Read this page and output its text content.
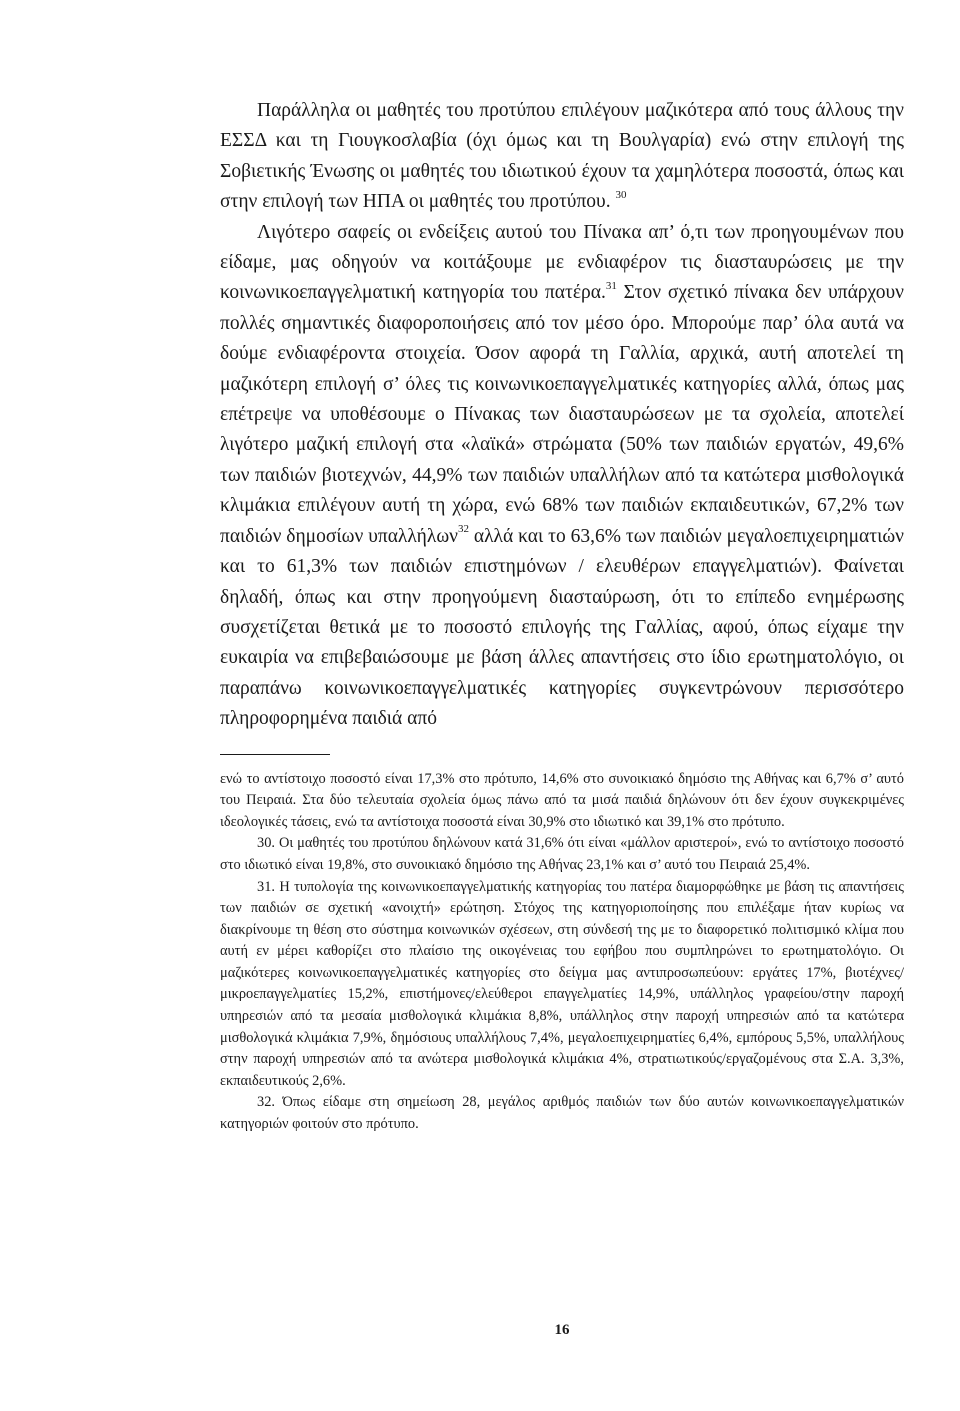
Παράλληλα οι μαθητές του προτύπου επιλέγουν μαζικότερα από τους άλλους την ΕΣΣΔ και τη Γιουγκοσλαβία (όχι όμως και τη Βουλγαρία) ενώ στην επιλογή της Σοβιετικής Ένωσης οι μαθητές του ιδιωτικού έχουν τα χαμηλότερα ποσοστά, όπως και στην επιλογή των ΗΠΑ οι μαθητές του προτύπου. $^{30}$

Λιγότερο σαφείς οι ενδείξεις αυτού του Πίνακα απ’ ό,τι των προηγουμένων που είδαμε, μας οδηγούν να κοιτάξουμε με ενδιαφέρον τις διασταυρώσεις με την κοινωνικοεπαγγελματική κατηγορία του πατέρα.$^{31}$ Στον σχετικό πίνακα δεν υπάρχουν πολλές σημαντικές διαφοροποιήσεις από τον μέσο όρο. Μπορούμε παρ’ όλα αυτά να δούμε ενδιαφέροντα στοιχεία. Όσον αφορά τη Γαλλία, αρχικά, αυτή αποτελεί τη μαζικότερη επιλογή σ’ όλες τις κοινωνικοεπαγγελματικές κατηγορίες αλλά, όπως μας επέτρεψε να υποθέσουμε ο Πίνακας των διασταυρώσεων με τα σχολεία, αποτελεί λιγότερο μαζική επιλογή στα «λαϊκά» στρώματα (50% των παιδιών εργατών, 49,6% των παιδιών βιοτεχνών, 44,9% των παιδιών υπαλλήλων από τα κατώτερα μισθολογικά κλιμάκια επιλέγουν αυτή τη χώρα, ενώ 68% των παιδιών εκπαιδευτικών, 67,2% των παιδιών δημοσίων υπαλλήλων$^{32}$ αλλά και το 63,6% των παιδιών μεγαλοεπιχειρηματιών και το 61,3% των παιδιών επιστημόνων / ελευθέρων επαγγελματιών). Φαίνεται δηλαδή, όπως και στην προηγούμενη διασταύρωση, ότι το επίπεδο ενημέρωσης συσχετίζεται θετικά με το ποσοστό επιλογής της Γαλλίας, αφού, όπως είχαμε την ευκαιρία να επιβεβαιώσουμε με βάση άλλες απαντήσεις στο ίδιο ερωτηματολόγιο, οι παραπάνω κοινωνικοεπαγγελματικές κατηγορίες συγκεντρώνουν περισσότερο πληροφορημένα παιδιά από

ενώ το αντίστοιχο ποσοστό είναι 17,3% στο πρότυπο, 14,6% στο συνοικιακό δημόσιο της Αθήνας και 6,7% σ’ αυτό του Πειραιά. Στα δύο τελευταία σχολεία όμως πάνω από τα μισά παιδιά δηλώνουν ότι δεν έχουν συγκεκριμένες ιδεολογικές τάσεις, ενώ τα αντίστοιχα ποσοστά είναι 30,9% στο ιδιωτικό και 39,1% στο πρότυπο.

30. Οι μαθητές του προτύπου δηλώνουν κατά 31,6% ότι είναι «μάλλον αριστεροί», ενώ το αντίστοιχο ποσοστό στο ιδιωτικό είναι 19,8%, στο συνοικιακό δημόσιο της Αθήνας 23,1% και σ’ αυτό του Πειραιά 25,4%.

31. Η τυπολογία της κοινωνικοεπαγγελματικής κατηγορίας του πατέρα διαμορφώθηκε με βάση τις απαντήσεις των παιδιών σε σχετική «ανοιχτή» ερώτηση. Στόχος της κατηγοριοποίησης που επιλέξαμε ήταν κυρίως να διακρίνουμε τη θέση στο σύστημα κοινωνικών σχέσεων, στη σύνδεσή της με το διαφορετικό πολιτισμικό κλίμα που αυτή εν μέρει καθορίζει στο πλαίσιο της οικογένειας του εφήβου που συμπληρώνει το ερωτηματολόγιο. Οι μαζικότερες κοινωνικοεπαγγελματικές κατηγορίες στο δείγμα μας αντιπροσωπεύουν: εργάτες 17%, βιοτέχνες/μικροεπαγγελματίες 15,2%, επιστήμονες/ελεύθεροι επαγγελματίες 14,9%, υπάλληλος γραφείου/στην παροχή υπηρεσιών από τα μεσαία μισθολογικά κλιμάκια 8,8%, υπάλληλος στην παροχή υπηρεσιών από τα κατώτερα μισθολογικά κλιμάκια 7,9%, δημόσιους υπαλλήλους 7,4%, μεγαλοεπιχειρηματίες 6,4%, εμπόρους 5,5%, υπαλλήλους στην παροχή υπηρεσιών από τα ανώτερα μισθολογικά κλιμάκια 4%, στρατιωτικούς/εργαζομένους στα Σ.Α. 3,3%, εκπαιδευτικούς 2,6%.

32. Όπως είδαμε στη σημείωση 28, μεγάλος αριθμός παιδιών των δύο αυτών κοινωνικοεπαγγελματικών κατηγοριών φοιτούν στο πρότυπο.

16
